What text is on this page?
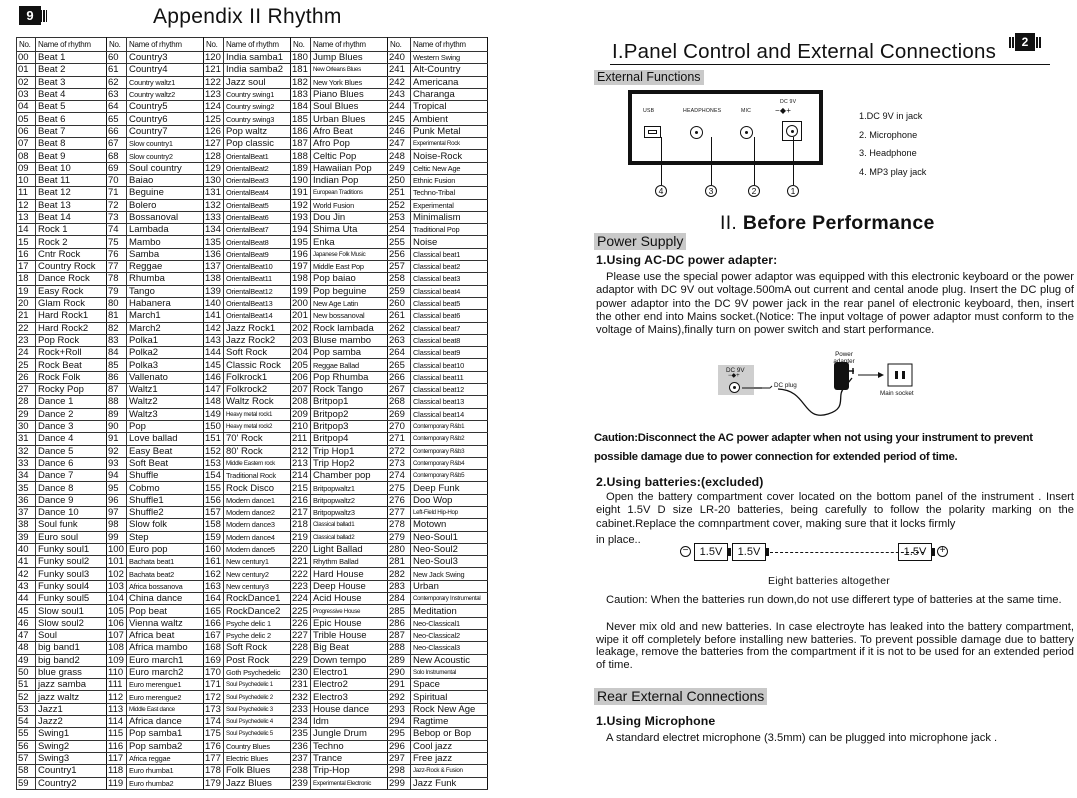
9	Appendix II Rhythm
No.	Name of rhythm	No.	Name of rhythm	No.	Name of rhythm	No.	Name of rhythm	No.	Name of rhythm
00	Beat 1	60	Country3	120	India samba1	180	Jump Blues	240	Western Swing
01	Beat 2	61	Country4	121	India samba2	181	New Orleans Blues	241	Alt-Country
02	Beat 3	62	Country waltz1	122	Jazz soul	182	New York Blues	242	Americana
03	Beat 4	63	Country waltz2	123	Country swing1	183	Piano Blues	243	Charanga
04	Beat 5	64	Country5	124	Country swing2	184	Soul Blues	244	Tropical
05	Beat 6	65	Country6	125	Country swing3	185	Urban Blues	245	Ambient
06	Beat 7	66	Country7	126	Pop waltz	186	Afro Beat	246	Punk Metal
07	Beat 8	67	Slow country1	127	Pop classic	187	Afro Pop	247	Experimental Rock
08	Beat 9	68	Slow country2	128	OrientalBeat1	188	Celtic Pop	248	Noise-Rock
09	Beat 10	69	Soul country	129	OrientalBeat2	189	Hawaiian Pop	249	Celtic New Age
10	Beat 11	70	Baiao	130	OrientalBeat3	190	Indian Pop	250	Ethnic Fusion
11	Beat 12	71	Beguine	131	OrientalBeat4	191	European Traditions	251	Techno-Tribal
12	Beat 13	72	Bolero	132	OrientalBeat5	192	World Fusion	252	Experimental
13	Beat 14	73	Bossanoval	133	OrientalBeat6	193	Dou Jin	253	Minimalism
14	Rock 1	74	Lambada	134	OrientalBeat7	194	Shima Uta	254	Traditional Pop
15	Rock 2	75	Mambo	135	OrientalBeat8	195	Enka	255	Noise
16	Cntr Rock	76	Samba	136	OrientalBeat9	196	Japanese Folk Music	256	Classical beat1
17	Country Rock	77	Reggae	137	OrientalBeat10	197	Middle East Pop	257	Classical beat2
18	Dance Rock	78	Rhumba	138	OrientalBeat11	198	Pop baiao	258	Classical beat3
19	Easy Rock	79	Tango	139	OrientalBeat12	199	Pop beguine	259	Classical beat4
20	Glam Rock	80	Habanera	140	OrientalBeat13	200	New Age Latin	260	Classical beat5
21	Hard Rock1	81	March1	141	OrientalBeat14	201	New bossanoval	261	Classical beat6
22	Hard Rock2	82	March2	142	Jazz Rock1	202	Rock lambada	262	Classical beat7
23	Pop Rock	83	Polka1	143	Jazz Rock2	203	Bluse mambo	263	Classical beat8
24	Rock+Roll	84	Polka2	144	Soft Rock	204	Pop samba	264	Classical beat9
25	Rock Beat	85	Polka3	145	Classic Rock	205	Reggae Ballad	265	Classical beat10
26	Rock Folk	86	Vallenato	146	Folkrock1	206	Pop Rhumba	266	Classical beat11
27	Rocky Pop	87	Waltz1	147	Folkrock2	207	Rock Tango	267	Classical beat12
28	Dance 1	88	Waltz2	148	Waltz Rock	208	Britpop1	268	Classical beat13
29	Dance 2	89	Waltz3	149	Heavy metal rock1	209	Britpop2	269	Classical beat14
30	Dance 3	90	Pop	150	Heavy metal rock2	210	Britpop3	270	Contemporary R&b1
31	Dance 4	91	Love ballad	151	70' Rock	211	Britpop4	271	Contemporary R&b2
32	Dance 5	92	Easy Beat	152	80' Rock	212	Trip Hop1	272	Contemporary R&b3
33	Dance 6	93	Soft Beat	153	Middle Eastern rock	213	Trip Hop2	273	Contemporary R&b4
34	Dance 7	94	Shuffle	154	Traditional Rock	214	Chamber pop	274	Contemporary R&b5
35	Dance 8	95	Cobmo	155	Rock Disco	215	Britpopwaltz1	275	Deep Funk
36	Dance 9	96	Shuffle1	156	Modern dance1	216	Britpopwaltz2	276	Doo Wop
37	Dance 10	97	Shuffle2	157	Modern dance2	217	Britpopwaltz3	277	Left-Field Hip-Hop
38	Soul funk	98	Slow folk	158	Modern dance3	218	Classical ballad1	278	Motown
39	Euro soul	99	Step	159	Modern dance4	219	Classical ballad2	279	Neo-Soul1
40	Funky soul1	100	Euro pop	160	Modern dance5	220	Light Ballad	280	Neo-Soul2
41	Funky soul2	101	Bachata beat1	161	New century1	221	Rhythm Ballad	281	Neo-Soul3
42	Funky soul3	102	Bachata beat2	162	New century2	222	Hard House	282	New Jack Swing
43	Funky soul4	103	Africa bossanova	163	New century3	223	Deep House	283	Urban
44	Funky soul5	104	China dance	164	RockDance1	224	Acid House	284	Contemporary Instrumental
45	Slow soul1	105	Pop beat	165	RockDance2	225	Progressive House	285	Meditation
46	Slow soul2	106	Vienna waltz	166	Psyche delic 1	226	Epic House	286	Neo-Classical1
47	Soul	107	Africa beat	167	Psyche delic 2	227	Trible House	287	Neo-Classical2
48	big band1	108	Africa mambo	168	Soft Rock	228	Big Beat	288	Neo-Classical3
49	big band2	109	Euro march1	169	Post Rock	229	Down tempo	289	New Acoustic
50	blue grass	110	Euro march2	170	Goth Psychedelic	230	Electro1	290	Solo Instrumental
51	jazz samba	111	Euro merengue1	171	Soul Psychedelic 1	231	Electro2	291	Space
52	jazz waltz	112	Euro merengue2	172	Soul Psychedelic 2	232	Electro3	292	Spiritual
53	Jazz1	113	Middle East dance	173	Soul Psychedelic 3	233	House dance	293	Rock New Age
54	Jazz2	114	Africa dance	174	Soul Psychedelic 4	234	Idm	294	Ragtime
55	Swing1	115	Pop samba1	175	Soul Psychedelic 5	235	Jungle Drum	295	Bebop or Bop
56	Swing2	116	Pop samba2	176	Country Blues	236	Techno	296	Cool jazz
57	Swing3	117	Africa reggae	177	Electric Blues	237	Trance	297	Free jazz
58	Country1	118	Euro rhumba1	178	Folk Blues	238	Trip-Hop	298	Jazz-Rock & Fusion
59	Country2	119	Euro rhumba2	179	Jazz Blues	239	Experimental Electronic	299	Jazz Funk
I.Panel Control and External Connections	2
External Functions
USB	HEADPHONES	MIC
DC 9V
−◆+
4	3	2	1
1.DC 9V in jack
2. Microphone
3. Headphone
4. MP3 play jack
II. Before Performance
Power Supply
1.Using AC-DC power adapter:
Please use the special power adaptor was equipped with this electronic keyboard or the power adaptor with DC 9V out voltage.500mA out current and cental anode plug. Insert the DC plug of power adaptor into the DC 9V power jack in the rear panel of electronic keyboard, then, insert the other end into Mains socket.(Notice: The input voltage of power adaptor must conform to the voltage of Mains),finally turn on power switch and start performance.
DC 9V
−◆+
DC plug
Power adapter
Main socket
Caution:Disconnect the AC power adapter when not using your instrument to prevent possible damage due to power connection for extended period of time.
2.Using batteries:(excluded)
Open the battery compartment cover located on the bottom panel of the instrument . Insert eight 1.5V D size LR-20 batteries, being carefully to follow the polarity marking on the cabinet.Replace the comnpartment cover, making sure that it locks firmly
in place..
−	1.5V	1.5V	1.5V	+
Eight batteries altogether
Caution: When the batteries run down,do not use differert type of batteries at the same time.
Never mix old and new batteries. In case electroyte has leaked into the battery compartment, wipe it off completely before installing new batteries. To prevent possible damage due to battery leakage, remove the batteries from the compartment if it is not to be used for an extended period of time.
Rear External Connections
1.Using Microphone
A standard electret microphone (3.5mm) can be plugged into microphone jack .
